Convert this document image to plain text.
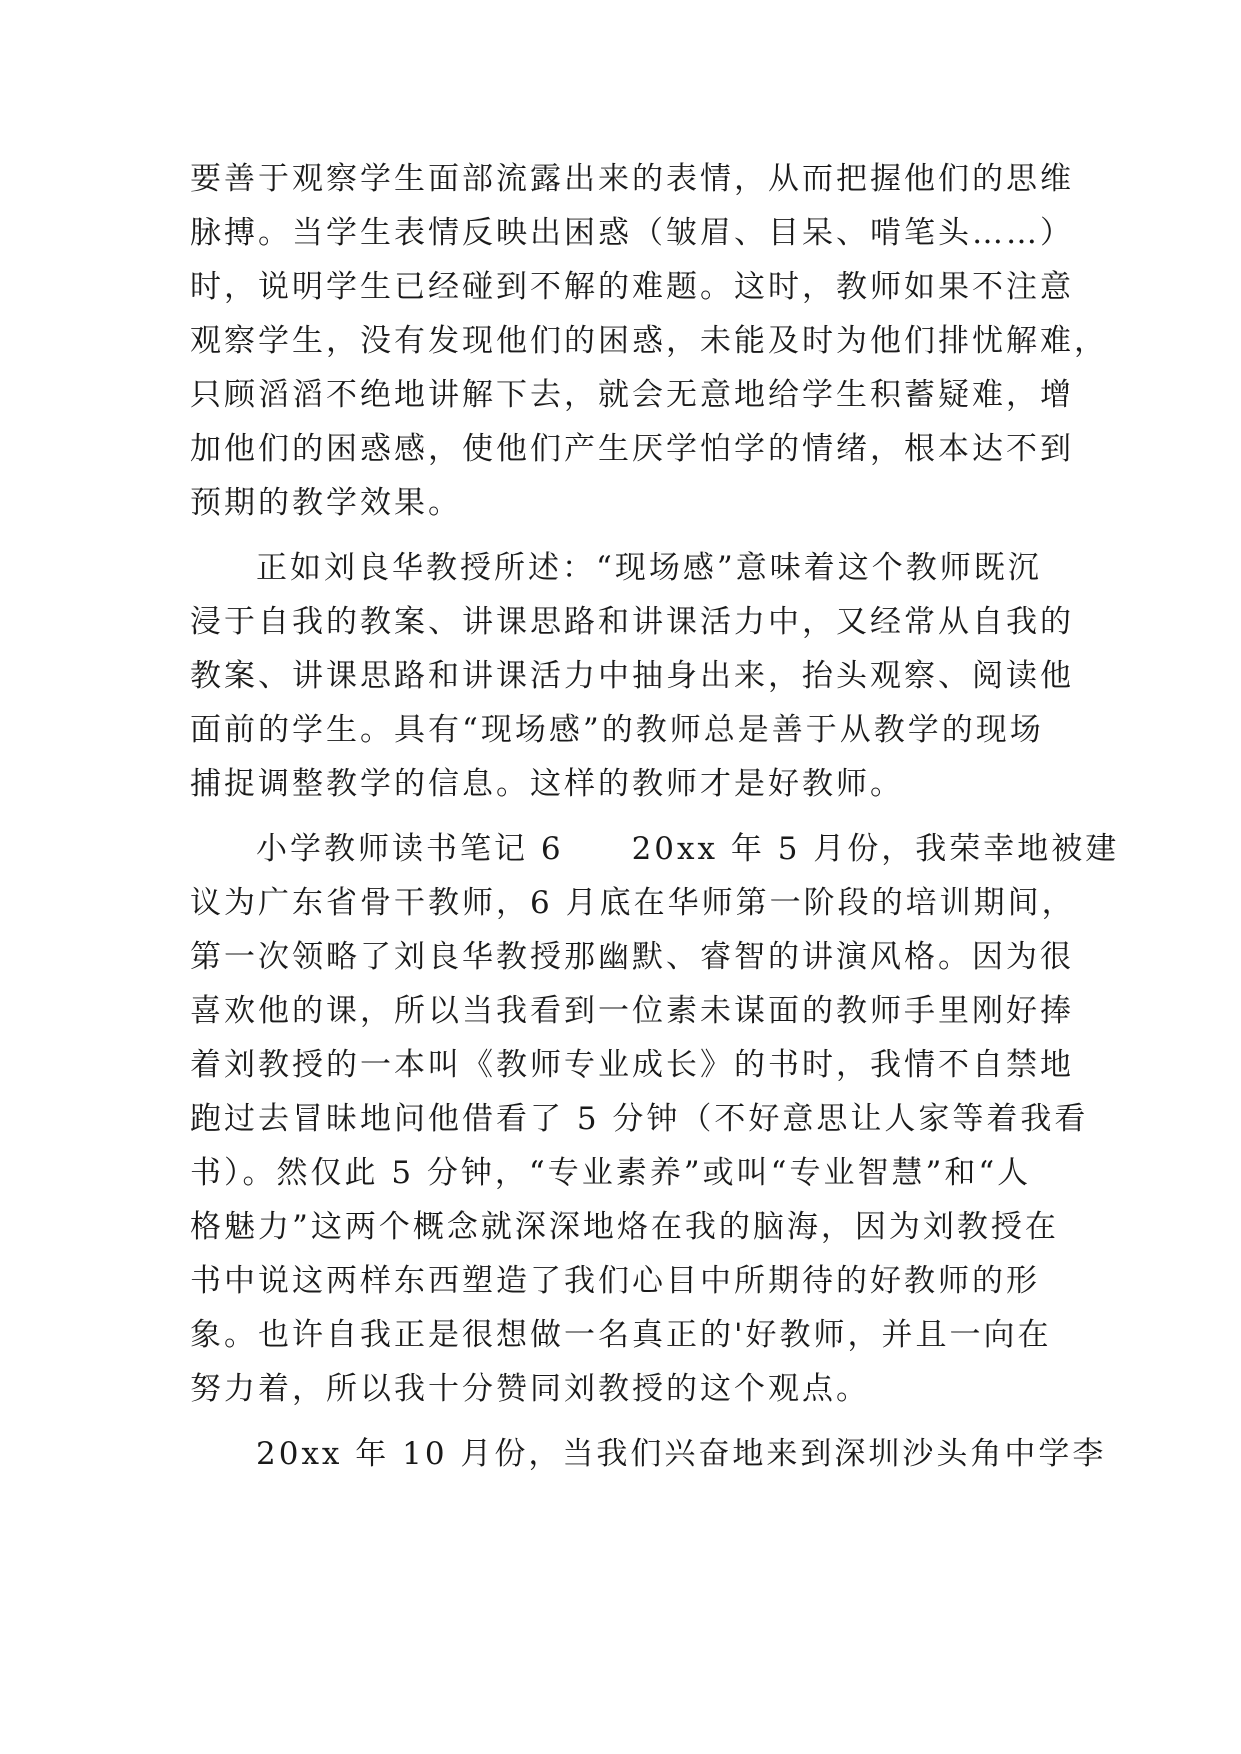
要善于观察学生面部流露出来的表情，从而把握他们的思维
脉搏。当学生表情反映出困惑（皱眉、目呆、啃笔头……）
时，说明学生已经碰到不解的难题。这时，教师如果不注意
观察学生，没有发现他们的困惑，未能及时为他们排忧解难，
只顾滔滔不绝地讲解下去，就会无意地给学生积蓄疑难，增
加他们的困惑感，使他们产生厌学怕学的情绪，根本达不到
预期的教学效果。
正如刘良华教授所述：“现场感”意味着这个教师既沉
浸于自我的教案、讲课思路和讲课活力中，又经常从自我的
教案、讲课思路和讲课活力中抽身出来，抬头观察、阅读他
面前的学生。具有“现场感”的教师总是善于从教学的现场
捕捉调整教学的信息。这样的教师才是好教师。
小学教师读书笔记 6　　20xx 年 5 月份，我荣幸地被建
议为广东省骨干教师，6 月底在华师第一阶段的培训期间，
第一次领略了刘良华教授那幽默、睿智的讲演风格。因为很
喜欢他的课，所以当我看到一位素未谋面的教师手里刚好捧
着刘教授的一本叫《教师专业成长》的书时，我情不自禁地
跑过去冒昧地问他借看了 5 分钟（不好意思让人家等着我看
书）。然仅此 5 分钟，“专业素养”或叫“专业智慧”和“人
格魅力”这两个概念就深深地烙在我的脑海，因为刘教授在
书中说这两样东西塑造了我们心目中所期待的好教师的形
象。也许自我正是很想做一名真正的'好教师，并且一向在
努力着，所以我十分赞同刘教授的这个观点。
20xx 年 10 月份，当我们兴奋地来到深圳沙头角中学李
